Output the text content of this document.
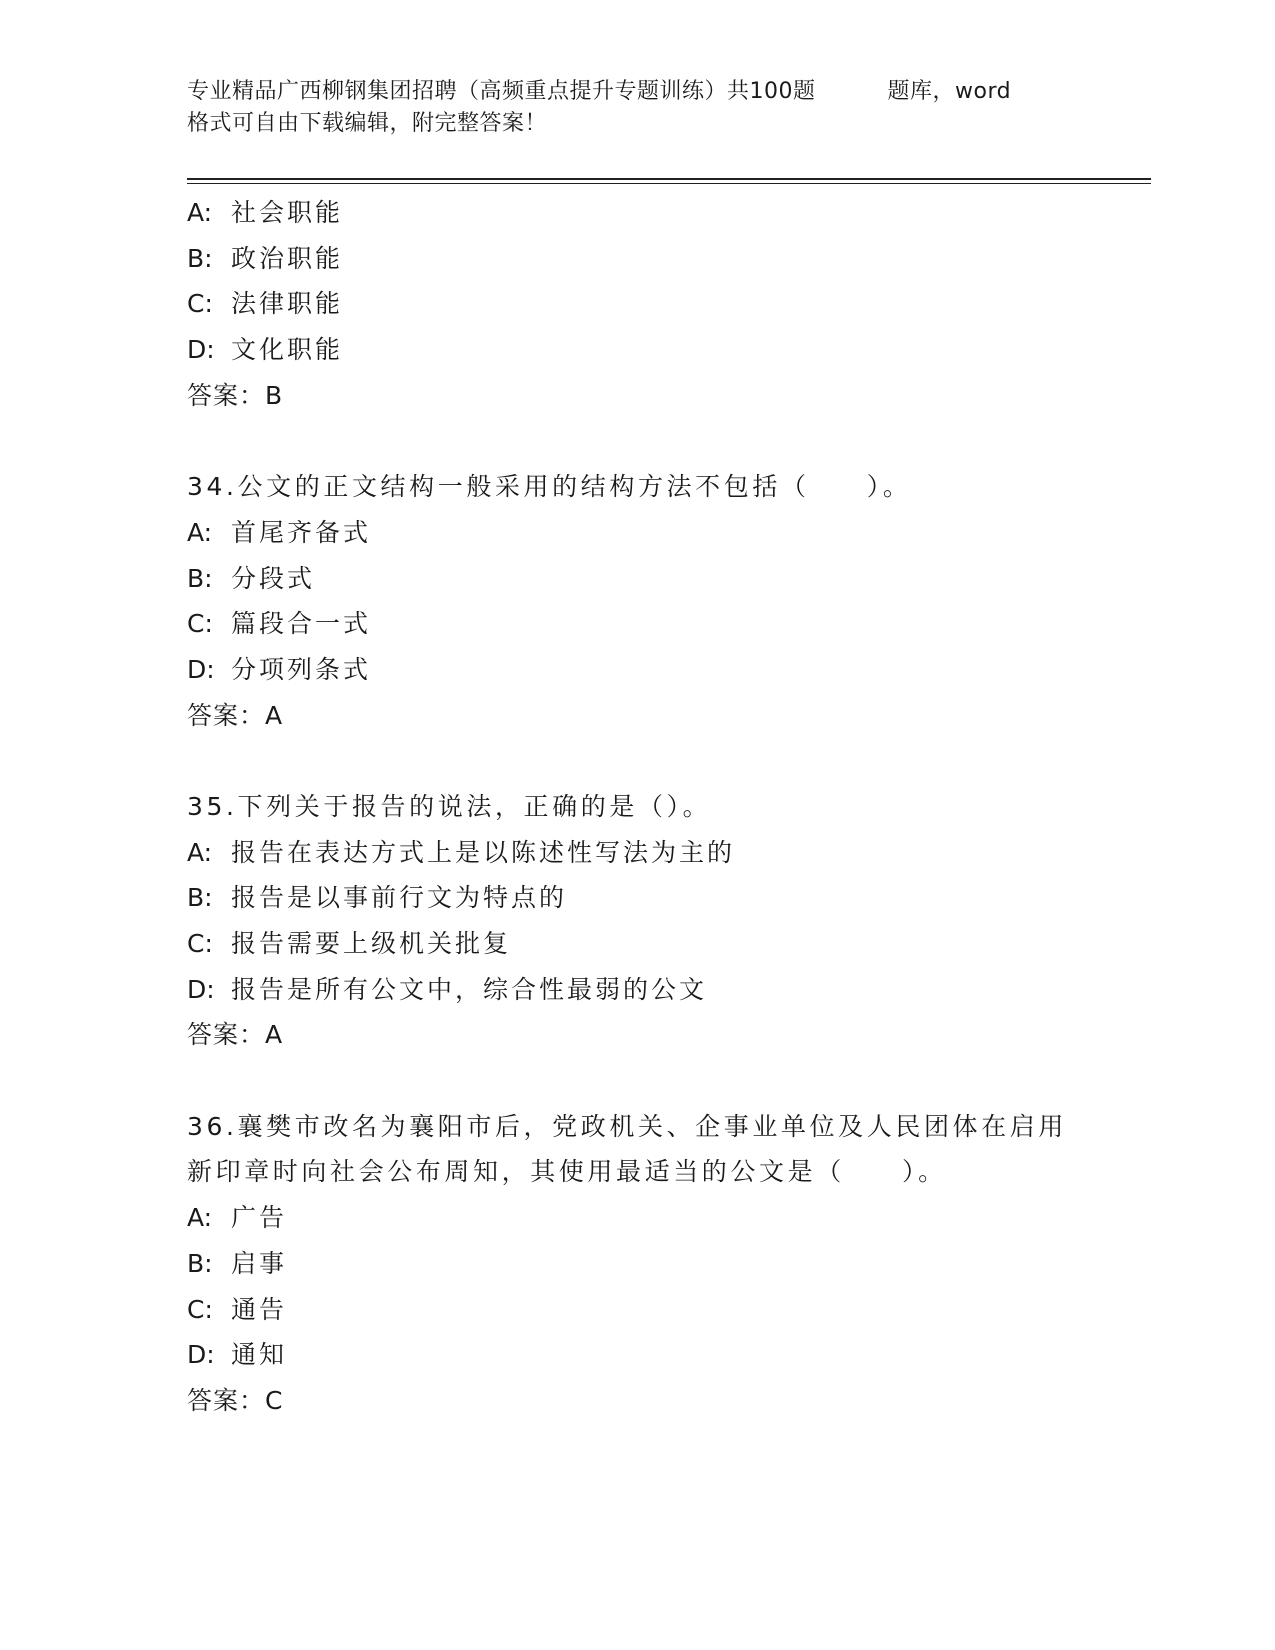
专业精品广西柳钢集团招聘（高频重点提升专题训练）共100题	题库，word
格式可自由下载编辑，附完整答案！
A: 社会职能
B: 政治职能
C: 法律职能
D: 文化职能
答案：B
34.公文的正文结构一般采用的结构方法不包括（　　）。
A: 首尾齐备式
B: 分段式
C: 篇段合一式
D: 分项列条式
答案：A
35.下列关于报告的说法，正确的是（）。
A: 报告在表达方式上是以陈述性写法为主的
B: 报告是以事前行文为特点的
C: 报告需要上级机关批复
D: 报告是所有公文中，综合性最弱的公文
答案：A
36.襄樊市改名为襄阳市后，党政机关、企事业单位及人民团体在启用
新印章时向社会公布周知，其使用最适当的公文是（　　）。
A: 广告
B: 启事
C: 通告
D: 通知
答案：C
